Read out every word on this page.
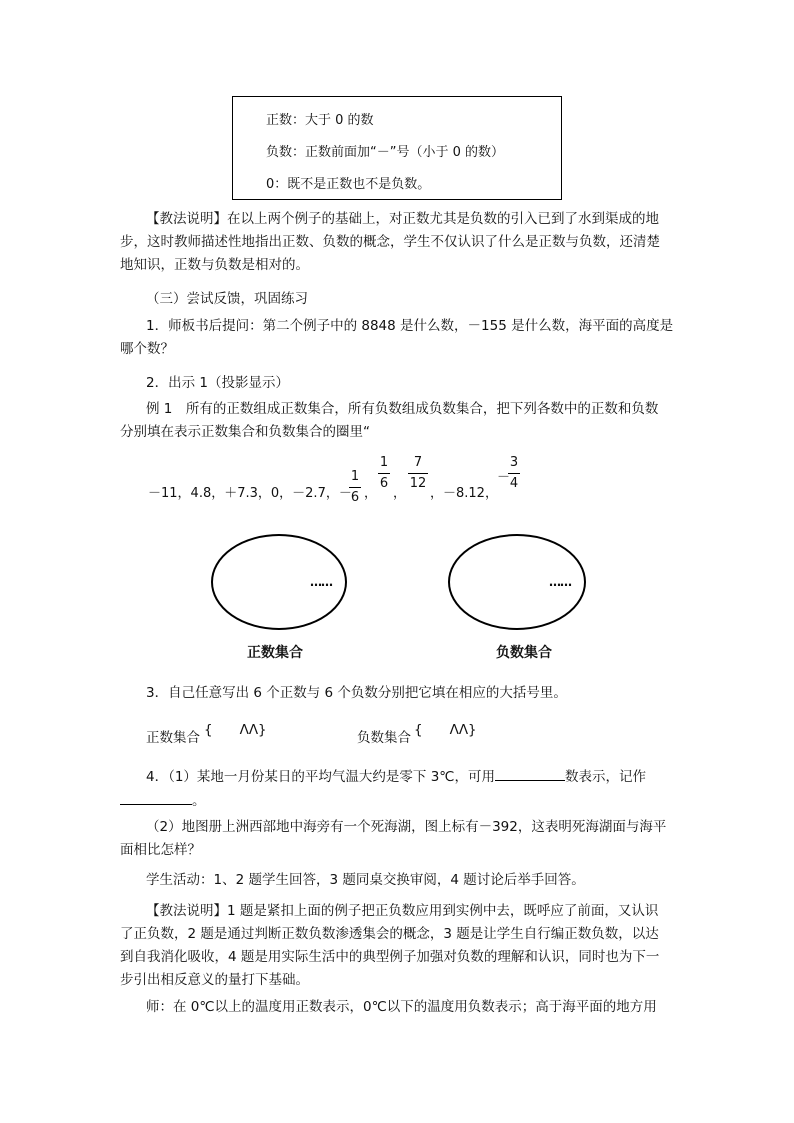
正数：大于 0 的数
负数：正数前面加“－”号（小于 0 的数）
0：既不是正数也不是负数。
【教法说明】在以上两个例子的基础上，对正数尤其是负数的引入已到了水到渠成的地
步，这时教师描述性地指出正数、负数的概念，学生不仅认识了什么是正数与负数，还清楚
地知识，正数与负数是相对的。
（三）尝试反馈，巩固练习
1．师板书后提问：第二个例子中的 8848 是什么数，－155 是什么数，海平面的高度是
哪个数？
2．出示 1（投影显示）
例 1　所有的正数组成正数集合，所有负数组成负数集合，把下列各数中的正数和负数
分别填在表示正数集合和负数集合的圈里“
－11，4.8，＋7.3，0，－2.7，－
1
6 ，
1
6
，
7
12
，－8.12，
－
3
4
……	……
正数集合	负数集合
3．自己任意写出 6 个正数与 6 个负数分别把它填在相应的大括号里。
正数集合 {　　ΛΛ}	负数集合 {　　ΛΛ}
4．（1）某地一月份某日的平均气温大约是零下 3℃，可用	数表示，记作
。
（2）地图册上洲西部地中海旁有一个死海湖，图上标有－392，这表明死海湖面与海平
面相比怎样？
学生活动：1、2 题学生回答，3 题同桌交换审阅，4 题讨论后举手回答。
【教法说明】1 题是紧扣上面的例子把正负数应用到实例中去，既呼应了前面，又认识
了正负数，2 题是通过判断正数负数渗透集会的概念，3 题是让学生自行编正数负数，以达
到自我消化吸收，4 题是用实际生活中的典型例子加强对负数的理解和认识，同时也为下一
步引出相反意义的量打下基础。
师：在 0℃以上的温度用正数表示，0℃以下的温度用负数表示；高于海平面的地方用
